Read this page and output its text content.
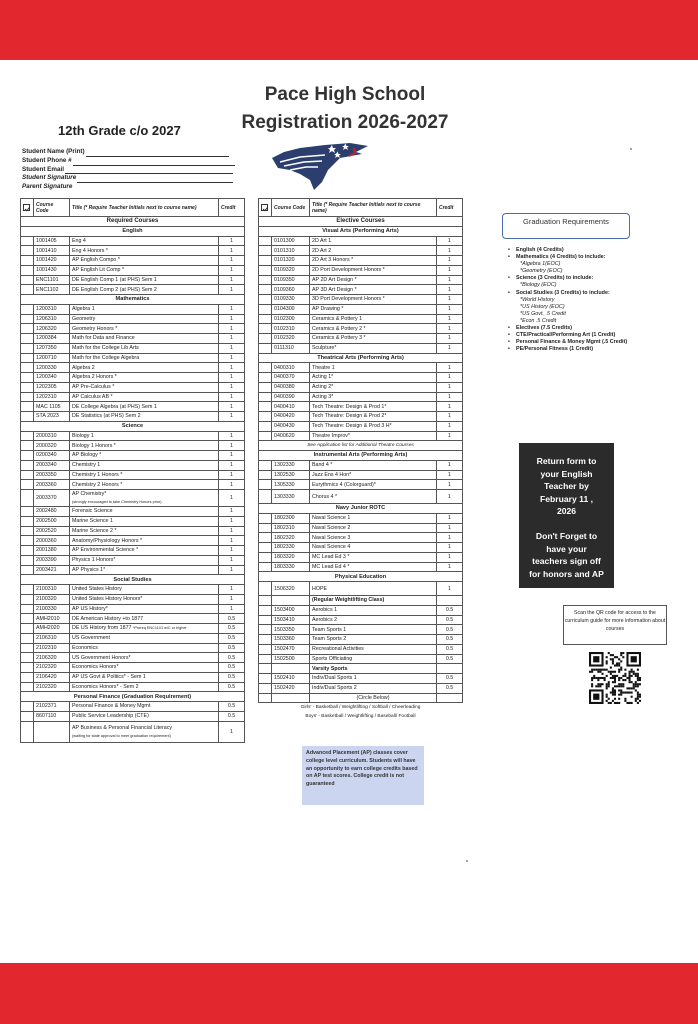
Pace High School
Registration 2026-2027
12th Grade c/o 2027
Student Name (Print)
Student Phone #
Student Email
Student Signature
Parent Signature
	Course Code	Title (* Require Teacher Initials next to course name)	Credit
Required Courses			
English			
	1001405	Eng 4	1
	1001410	Eng 4 Honors *	1
	1001420	AP English Compo *	1
	1001430	AP English Lit Comp *	1
	ENC1101	DE English Comp 1 (at PHS) Sem 1	1
	ENC1102	DE English Comp 2 (at PHS) Sem 2	1
Mathematics			
	1200310	Algebra 1	1
	1206310	Geometry	1
	1206320	Geometry Honors *	1
	1200384	Math for Data and Finance	1
	1207350	Math for the College Lib Arts	1
	1200710	Math for the College Algebra	1
	1200330	Algebra 2	1
	1200340	Algebra 2 Honors *	1
	1202305	AP Pre-Calculus *	1
	1202310	AP Calculus AB *	1
	MAC 1105	DE College Algebra (at PHS) Sem 1	1
	STA 2023	DE Statistics (at PHS) Sem 2	1
Science			
	2000310	Biology 1	1
	2000320	Biology 1 Honors *	1
	0200340	AP Biology *	1
	2003340	Chemistry 1	1
	2003350	Chemistry 1 Honors *	1
	2003360	Chemistry 2 Honors *	1
	2003370	AP Chemistry*
(strongly encouraged to take Chemistry Honors prior)	1
	2002480	Forensic Science	1
	2002500	Marine Science 1	1
	2002520	Marine Science 2 *	1
	2000360	Anatomy/Physiology Honors *	1
	2001380	AP Environmental Science *	1
	2003390	Physics 1 Honors*	1
	2003421	AP Physics 1*	1
Social Studies			
	2100310	United States History	1
	2100320	United States History Honors*	1
	2100330	AP US History*	1
	AMH2010	DE American History +to 1877	0.5
	AMH2020	DE US History from 1877 *Prereq ENC1101 w/C or higher	0.5
	2106310	US Government	0.5
	2102310	Economics	0.5
	2106320	US Government Honors*	0.5
	2102320	Economics Honors*	0.5
	2106420	AP US Govt & Politics* - Sem 1	0.5
	2102320	Economics Honors* - Sem 2	0.5
Personal Finance (Graduation Requirement)			
	2102371	Personal Finance & Money Mgmt	0.5
	8607110	Public Service Leadership (CTE)	0.5
		AP Business & Personal Financial Literacy
(waiting for state approval to meet graduation requirement)	1
	Course Code	Title (* Require Teacher Initials next to course name)	Credit
Elective Courses			
Visual Arts (Performing Arts)			
	0101300	2D Art 1	1
	0101310	2D Art 2	1
	0101320	2D Art 3 Honors *	1
	0109320	2D Port Development Honors *	1
	0109350	AP 2D Art Design *	1
	0109360	AP 3D Art Design *	1
	0109330	3D Port Development Honors *	1
	0104300	AP Drawing *	1
	0102300	Ceramics & Pottery 1	1
	0102310	Ceramics & Pottery 2 *	1
	0102320	Ceramics & Pottery 3 *	1
	0111310	Sculpture*	1
Theatrical Arts (Performing Arts)			
	0400310	Theatre 1	1
	0400370	Acting 1*	1
	0400380	Acting 2*	1
	0400390	Acting 3*	1
	0400410	Tech Theatre: Design & Prod 1*	1
	0400420	Tech Theatre: Design & Prod 2*	1
	0400430	Tech Theatre: Design & Prod 3 H*	1
	0400620	Theatre Improv*	1
See Application list for Additional Theatre Courses			
Instrumental Arts (Performing Arts)			
	1302330	Band 4 *	1
	1302530	Jazz Ens 4 Hon*	1
	1305330	Eurythmics 4 (Colorguard)*	1
	1303330	Chorus 4 *	1
Navy Junior ROTC			
	1802300	Naval Science 1	1
	1802310	Naval Science 2	1
	1802320	Naval Science 3	1
	1802330	Naval Science 4	1
	1803320	MC Lead Ed 3 *	1
	1803330	MC Lead Ed 4 *	1
Physical Education			
	1506320	HOPE	1
		(Regular Weightlifting Class)	
	1503400	Aerobics 1	0.5
	1503410	Aerobics 2	0.5
	1503350	Team Sports 1	0.5
	1503360	Team Sports 2	0.5
	1502470	Recreational Activities	0.5
	1502500	Sports Officiating	0.5
		Varsity Sports	
	1502410	Indiv/Dual Sports 1	0.5
	1502420	Indiv/Dual Sports 2	0.5
		(Circle Below)	
Girls' - Basketball / Weightlifting / Softball / Cheerleading			
Boys' - Basketball / Weightlifting / Baseball/ Football			
Graduation Requirements
• English (4 Credits)
• Mathematics (4 Credits) to include:
*Algebra 1(EOC)
*Geometry (EOC)
• Science (3 Credits) to include:
*Biology (EOC)
• Social Studies (3 Credits) to include:
*World History
*US History (EOC)
*US Govt. .5 Credit
*Econ .5 Credit
• Electives (7.5 Credits)
• CTE/Practical/Performing Art (1 Credit)
• Personal Finance & Money Mgmt (.5 Credit)
• PE/Personal Fitness (1 Credit)
Return form to
your English
Teacher by
February 11 ,
2026
Don't Forget to
have your
teachers sign off
for honors and AP
Scan the QR code for access to the curriculum guide for more information about courses
Advanced Placement (AP) classes cover college level curriculum. Students will have an opportunity to earn college credits based on AP test scores. College credit is not guaranteed
